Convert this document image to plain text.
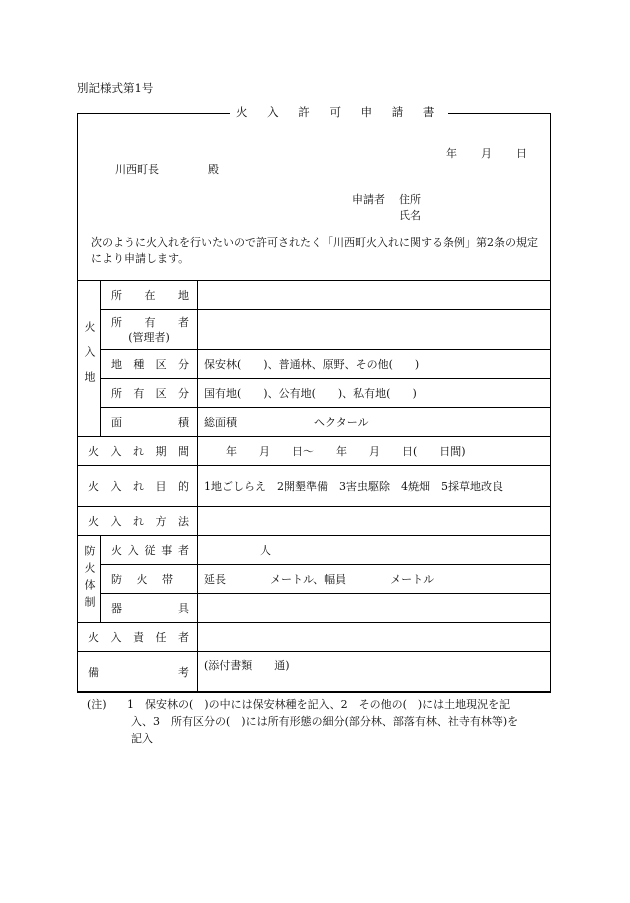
別記様式第1号
火 入 許 可 申 請 書
年 月 日
川西町長	殿
申請者 住所
氏名
次のように火入れを行いたいので許可されたく「川西町火入れに関する条例」第2条の規定により申請します。
火入地	所在地	

	所有者
(管理者)	

	地種区分	保安林(　　)、普通林、原野、その他(　　)
	所有区分	国有地(　　)、公有地(　　)、私有地(　　)
	面積	総面積　　　　　　　ヘクタール
火入れ期間		年　　月　　日〜　　年　　月　　日(　　日間)
火入れ目的		1地ごしらえ　2開墾準備　3害虫駆除　4焼畑　5採草地改良
火入れ方法		

防火体制	火入従事者	人
	防火帯	延長　　　　メートル、幅員　　　　メートル
	器具	
火入責任者		
備考		(添付書類　　通)
(注)	1　保安林の(　)の中には保安林種を記入、2　その他の(　)には土地現況を記
入、3　所有区分の(　)には所有形態の細分(部分林、部落有林、社寺有林等)を
記入
